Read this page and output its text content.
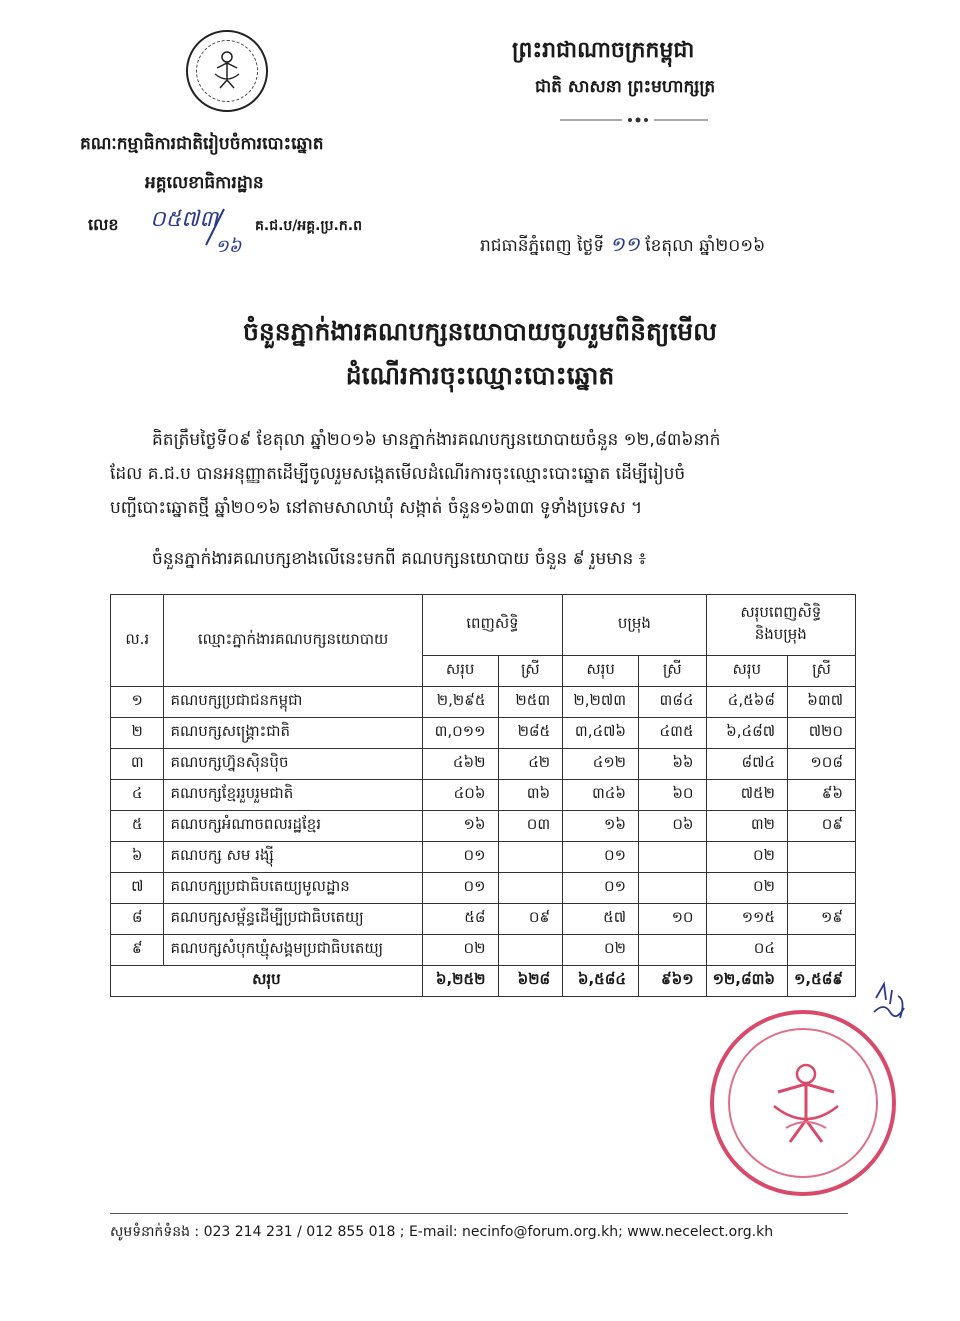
គណៈកម្មាធិការជាតិរៀបចំការបោះឆ្នោត
អគ្គលេខាធិការដ្ឋាន
ព្រះរាជាណាចក្រកម្ពុជា
ជាតិ សាសនា ព្រះមហាក្សត្រ
លេខ ០៥៧៣
១៦
គ.ជ.ប/អគ្គ.ប្រ.ក.ព
រាជធានីភ្នំពេញ ថ្ងៃទី ១១ ខែតុលា ឆ្នាំ២០១៦
ចំនួនភ្នាក់ងារគណបក្សនយោបាយចូលរួមពិនិត្យមើល
ដំណើរការចុះឈ្មោះបោះឆ្នោត
គិតត្រឹមថ្ងៃទី០៩ ខែតុលា ឆ្នាំ២០១៦ មានភ្នាក់ងារគណបក្សនយោបាយចំនួន ១២,៨៣៦នាក់
ដែល គ.ជ.ប បានអនុញ្ញាតដើម្បីចូលរួមសង្កេតមើលដំណើរការចុះឈ្មោះបោះឆ្នោត ដើម្បីរៀបចំ
បញ្ជីបោះឆ្នោតថ្មី ឆ្នាំ២០១៦ នៅតាមសាលាឃុំ សង្កាត់ ចំនួន១៦៣៣ ទូទាំងប្រទេស ។
ចំនួនភ្នាក់ងារគណបក្សខាងលើនេះមកពី គណបក្សនយោបាយ ចំនួន ៩ រួមមាន ៖
ល.រ	ឈ្មោះភ្នាក់ងារគណបក្សនយោបាយ	ពេញសិទ្ធិ		បម្រុង		សរុបពេញសិទ្ធិ
និងបម្រុង	

		សរុប	ស្រី	សរុប	ស្រី	សរុប	ស្រី
១	គណបក្សប្រជាជនកម្ពុជា	២,២៩៥	២៥៣	២,២៧៣	៣៨៤	៤,៥៦៨	៦៣៧
២	គណបក្សសង្គ្រោះជាតិ	៣,០១១	២៨៥	៣,៤៧៦	៤៣៥	៦,៤៨៧	៧២០
៣	គណបក្សហ្វ៊ុនស៊ិនប៉ិច	៤៦២	៤២	៤១២	៦៦	៨៧៤	១០៨
៤	គណបក្សខ្មែររួបរួមជាតិ	៤០៦	៣៦	៣៤៦	៦០	៧៥២	៩៦
៥	គណបក្សអំណាចពលរដ្ឋខ្មែរ	១៦	០៣	១៦	០៦	៣២	០៩
៦	គណបក្ស សម រង្ស៊ី	០១		០១		០២	
៧	គណបក្សប្រជាធិបតេយ្យមូលដ្ឋាន	០១		០១		០២	
៨	គណបក្សសម្ព័ន្ធដើម្បីប្រជាធិបតេយ្យ	៥៨	០៩	៥៧	១០	១១៥	១៩
៩	គណបក្សសំបុកឃ្មុំសង្គមប្រជាធិបតេយ្យ	០២		០២		០៤	
សរុប		៦,២៥២	៦២៨	៦,៥៨៤	៩៦១	១២,៨៣៦	១,៥៨៩
សូមទំនាក់ទំនង : 023 214 231 / 012 855 018 ; E-mail: necinfo@forum.org.kh; www.necelect.org.kh
